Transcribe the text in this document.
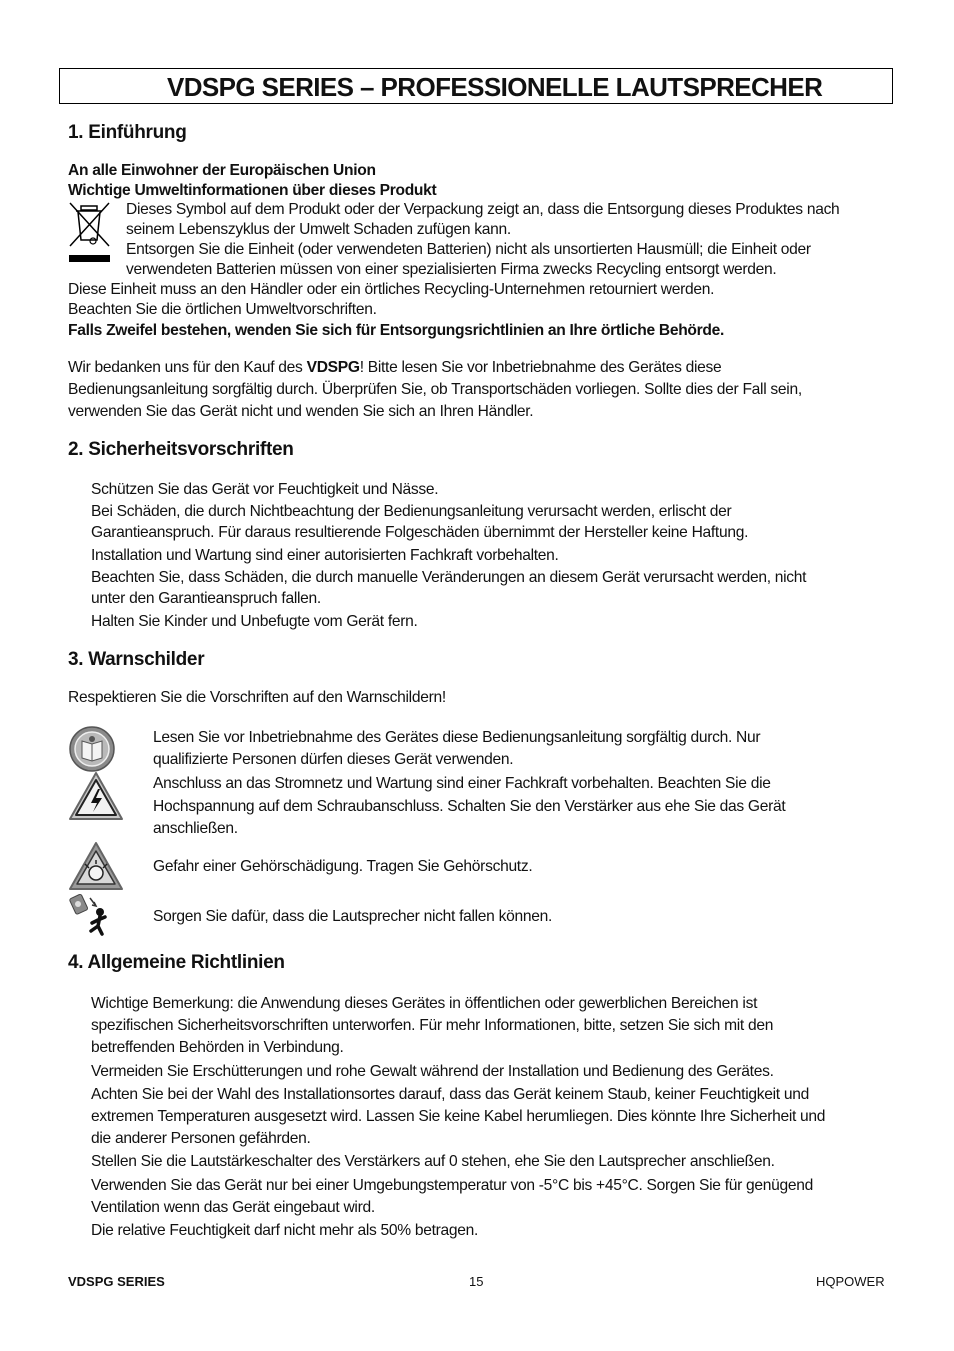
VDSPG SERIES – PROFESSIONELLE LAUTSPRECHER
1. Einführung
An alle Einwohner der Europäischen Union
Wichtige Umweltinformationen über dieses Produkt
Dieses Symbol auf dem Produkt oder der Verpackung zeigt an, dass die Entsorgung dieses Produktes nach
seinem Lebenszyklus der Umwelt Schaden zufügen kann.
Entsorgen Sie die Einheit (oder verwendeten Batterien) nicht als unsortierten Hausmüll; die Einheit oder
verwendeten Batterien müssen von einer spezialisierten Firma zwecks Recycling entsorgt werden.
Diese Einheit muss an den Händler oder ein örtliches Recycling-Unternehmen retourniert werden.
Beachten Sie die örtlichen Umweltvorschriften.
Falls Zweifel bestehen, wenden Sie sich für Entsorgungsrichtlinien an Ihre örtliche Behörde.
Wir bedanken uns für den Kauf des VDSPG! Bitte lesen Sie vor Inbetriebnahme des Gerätes diese
Bedienungsanleitung sorgfältig durch. Überprüfen Sie, ob Transportschäden vorliegen. Sollte dies der Fall sein,
verwenden Sie das Gerät nicht und wenden Sie sich an Ihren Händler.
2. Sicherheitsvorschriften
Schützen Sie das Gerät vor Feuchtigkeit und Nässe.
Bei Schäden, die durch Nichtbeachtung der Bedienungsanleitung verursacht werden, erlischt der
Garantieanspruch. Für daraus resultierende Folgeschäden übernimmt der Hersteller keine Haftung.
Installation und Wartung sind einer autorisierten Fachkraft vorbehalten.
Beachten Sie, dass Schäden, die durch manuelle Veränderungen an diesem Gerät verursacht werden, nicht
unter den Garantieanspruch fallen.
Halten Sie Kinder und Unbefugte vom Gerät fern.
3. Warnschilder
Respektieren Sie die Vorschriften auf den Warnschildern!
Lesen Sie vor Inbetriebnahme des Gerätes diese Bedienungsanleitung sorgfältig durch. Nur
qualifizierte Personen dürfen dieses Gerät verwenden.
Anschluss an das Stromnetz und Wartung sind einer Fachkraft vorbehalten. Beachten Sie die
Hochspannung auf dem Schraubanschluss. Schalten Sie den Verstärker aus ehe Sie das Gerät
anschließen.
Gefahr einer Gehörschädigung. Tragen Sie Gehörschutz.
Sorgen Sie dafür, dass die Lautsprecher nicht fallen können.
4. Allgemeine Richtlinien
Wichtige Bemerkung: die Anwendung dieses Gerätes in öffentlichen oder gewerblichen Bereichen ist
spezifischen Sicherheitsvorschriften unterworfen. Für mehr Informationen, bitte, setzen Sie sich mit den
betreffenden Behörden in Verbindung.
Vermeiden Sie Erschütterungen und rohe Gewalt während der Installation und Bedienung des Gerätes.
Achten Sie bei der Wahl des Installationsortes darauf, dass das Gerät keinem Staub, keiner Feuchtigkeit und
extremen Temperaturen ausgesetzt wird. Lassen Sie keine Kabel herumliegen. Dies könnte Ihre Sicherheit und
die anderer Personen gefährden.
Stellen Sie die Lautstärkeschalter des Verstärkers auf 0 stehen, ehe Sie den Lautsprecher anschließen.
Verwenden Sie das Gerät nur bei einer Umgebungstemperatur von -5°C bis +45°C. Sorgen Sie für genügend
Ventilation wenn das Gerät eingebaut wird.
Die relative Feuchtigkeit darf nicht mehr als 50% betragen.
VDSPG SERIES	15	HQPOWER
